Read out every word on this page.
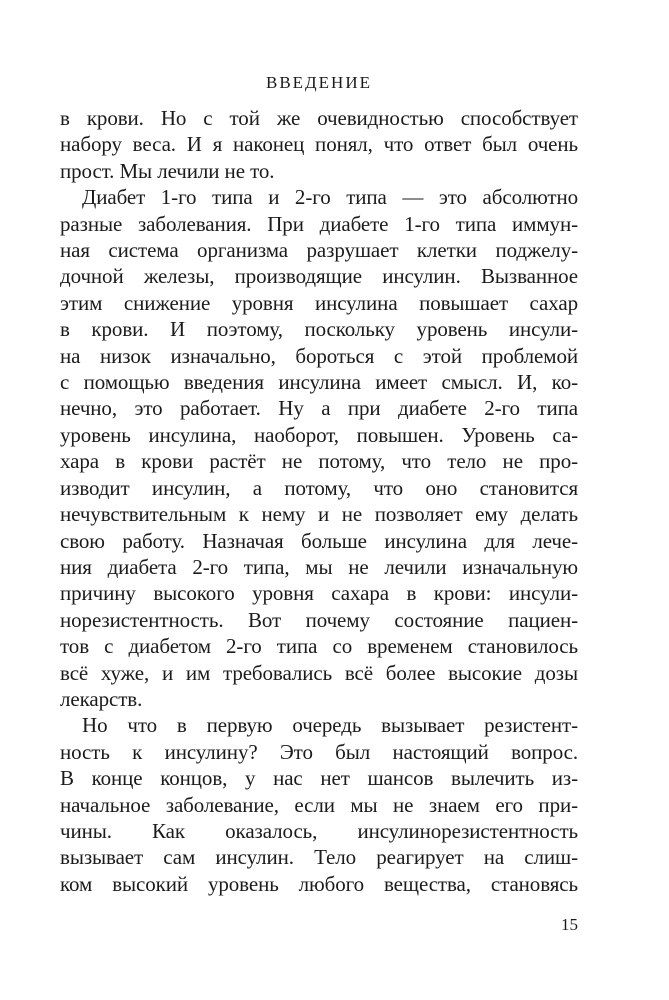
ВВЕДЕНИЕ
в крови. Но с той же очевидностью способствует
набору веса. И я наконец понял, что ответ был очень
прост. Мы лечили не то.
Диабет 1-го типа и 2-го типа — это абсолютно
разные заболевания. При диабете 1-го типа иммун-
ная система организма разрушает клетки поджелу-
дочной железы, производящие инсулин. Вызванное
этим снижение уровня инсулина повышает сахар
в крови. И поэтому, поскольку уровень инсули-
на низок изначально, бороться с этой проблемой
с помощью введения инсулина имеет смысл. И, ко-
нечно, это работает. Ну а при диабете 2-го типа
уровень инсулина, наоборот, повышен. Уровень са-
хара в крови растёт не потому, что тело не про-
изводит инсулин, а потому, что оно становится
нечувствительным к нему и не позволяет ему делать
свою работу. Назначая больше инсулина для лече-
ния диабета 2-го типа, мы не лечили изначальную
причину высокого уровня сахара в крови: инсули-
норезистентность. Вот почему состояние пациен-
тов с диабетом 2-го типа со временем становилось
всё хуже, и им требовались всё более высокие дозы
лекарств.
Но что в первую очередь вызывает резистент-
ность к инсулину? Это был настоящий вопрос.
В конце концов, у нас нет шансов вылечить из-
начальное заболевание, если мы не знаем его при-
чины. Как оказалось, инсулинорезистентность
вызывает сам инсулин. Тело реагирует на слиш-
ком высокий уровень любого вещества, становясь
15
